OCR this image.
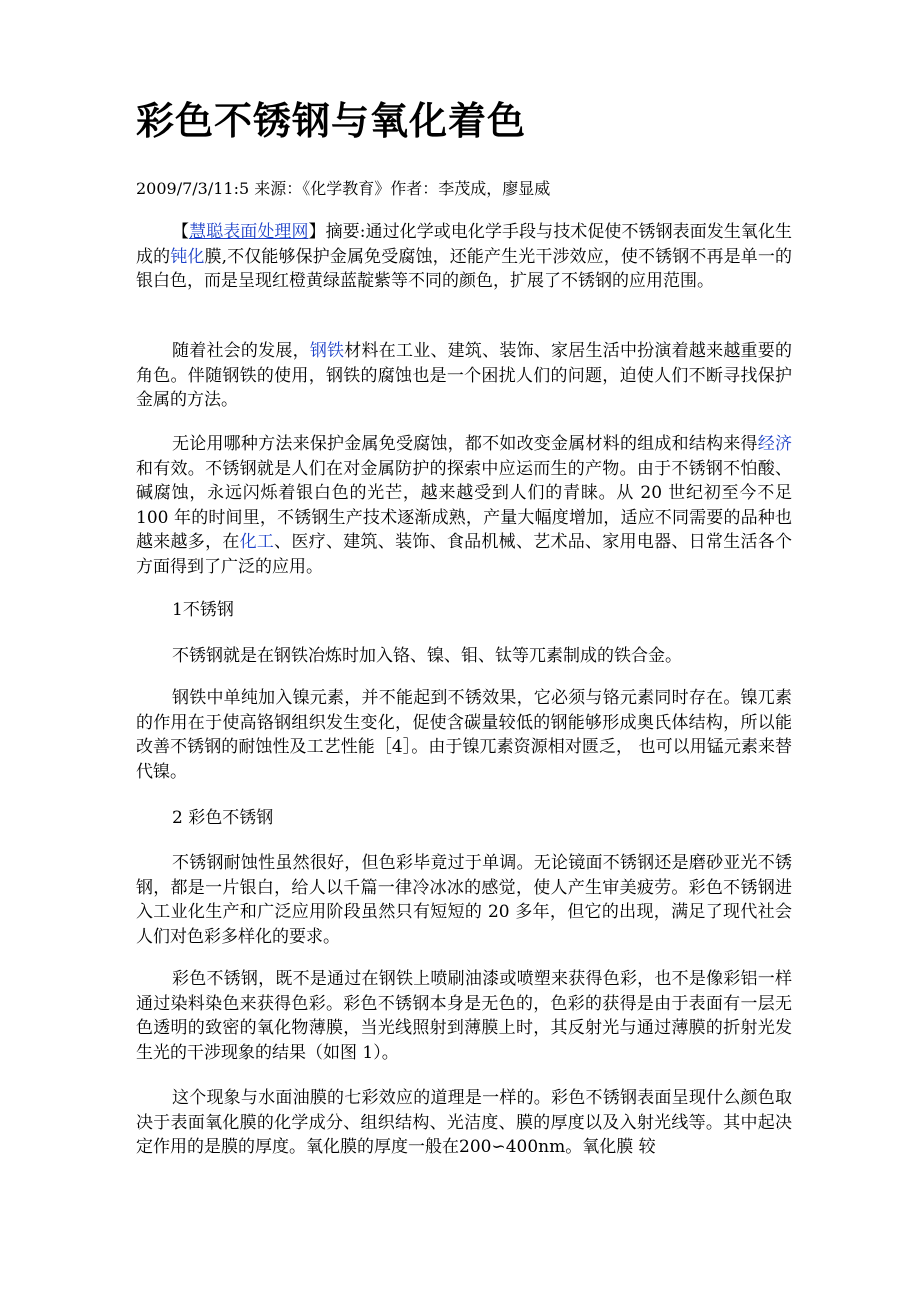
彩色不锈钢与氧化着色
2009/7/3/11:5 来源：《化学教育》作者：李茂成，廖显威

【慧聪表面处理网】摘要:通过化学或电化学手段与技术促使不锈钢表面发生氧化生成的钝化膜,不仅能够保护金属免受腐蚀，还能产生光干涉效应，使不锈钢不再是单一的银白色，而是呈现红橙黄绿蓝靛紫等不同的颜色，扩展了不锈钢的应用范围。

随着社会的发展，钢铁材料在工业、建筑、装饰、家居生活中扮演着越来越重要的角色。伴随钢铁的使用，钢铁的腐蚀也是一个困扰人们的问题，迫使人们不断寻找保护金属的方法。

无论用哪种方法来保护金属免受腐蚀，都不如改变金属材料的组成和结构来得经济和有效。不锈钢就是人们在对金属防护的探索中应运而生的产物。由于不锈钢不怕酸、碱腐蚀，永远闪烁着银白色的光芒，越来越受到人们的青睐。从 20 世纪初至今不足 100 年的时间里，不锈钢生产技术逐渐成熟，产量大幅度增加，适应不同需要的品种也越来越多，在化工、医疗、建筑、装饰、食品机械、艺术品、家用电器、日常生活各个方面得到了广泛的应用。

1不锈钢

不锈钢就是在钢铁冶炼时加入铬、镍、钼、钛等兀素制成的铁合金。

钢铁中单纯加入镍元素，并不能起到不锈效果，它必须与铬元素同时存在。镍兀素的作用在于使高铬钢组织发生变化，促使含碳量较低的钢能够形成奥氏体结构，所以能改善不锈钢的耐蚀性及工艺性能［4］。由于镍兀素资源相对匮乏， 也可以用锰元素来替代镍。

2 彩色不锈钢

不锈钢耐蚀性虽然很好，但色彩毕竟过于单调。无论镜面不锈钢还是磨砂亚光不锈钢，都是一片银白，给人以千篇一律冷冰冰的感觉，使人产生审美疲劳。彩色不锈钢进入工业化生产和广泛应用阶段虽然只有短短的 20 多年，但它的出现，满足了现代社会人们对色彩多样化的要求。

彩色不锈钢，既不是通过在钢铁上喷刷油漆或喷塑来获得色彩，也不是像彩铝一样通过染料染色来获得色彩。彩色不锈钢本身是无色的，色彩的获得是由于表面有一层无色透明的致密的氧化物薄膜，当光线照射到薄膜上时，其反射光与通过薄膜的折射光发生光的干涉现象的结果（如图 1）。

这个现象与水面油膜的七彩效应的道理是一样的。彩色不锈钢表面呈现什么颜色取决于表面氧化膜的化学成分、组织结构、光洁度、膜的厚度以及入射光线等。其中起决定作用的是膜的厚度。氧化膜的厚度一般在200∽400nm。氧化膜 较
